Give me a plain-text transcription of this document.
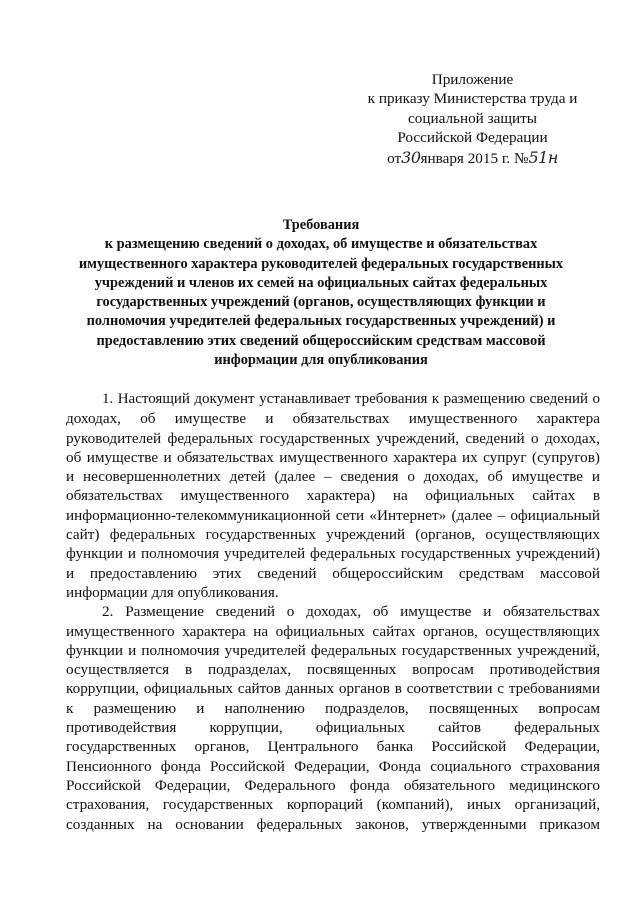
Приложение
к приказу Министерства труда и
социальной защиты
Российской Федерации
от30января 2015 г. №51н
Требования
к размещению сведений о доходах, об имуществе и обязательствах
имущественного характера руководителей федеральных государственных
учреждений и членов их семей на официальных сайтах федеральных
государственных учреждений (органов, осуществляющих функции и
полномочия учредителей федеральных государственных учреждений) и
предоставлению этих сведений общероссийским средствам массовой
информации для опубликования
1. Настоящий документ устанавливает требования к размещению сведений о
доходах, об имуществе и обязательствах имущественного характера
руководителей федеральных государственных учреждений, сведений о доходах,
об имуществе и обязательствах имущественного характера их супруг (супругов)
и несовершеннолетних детей (далее – сведения о доходах, об имуществе и
обязательствах имущественного характера) на официальных сайтах в
информационно-телекоммуникационной сети «Интернет» (далее – официальный
сайт) федеральных государственных учреждений (органов, осуществляющих
функции и полномочия учредителей федеральных государственных учреждений)
и предоставлению этих сведений общероссийским средствам массовой
информации для опубликования.
2. Размещение сведений о доходах, об имуществе и обязательствах
имущественного характера на официальных сайтах органов, осуществляющих
функции и полномочия учредителей федеральных государственных учреждений,
осуществляется в подразделах, посвященных вопросам противодействия
коррупции, официальных сайтов данных органов в соответствии с требованиями
к размещению и наполнению подразделов, посвященных вопросам
противодействия коррупции, официальных сайтов федеральных
государственных органов, Центрального банка Российской Федерации,
Пенсионного фонда Российской Федерации, Фонда социального страхования
Российской Федерации, Федерального фонда обязательного медицинского
страхования, государственных корпораций (компаний), иных организаций,
созданных на основании федеральных законов, утвержденными приказом
